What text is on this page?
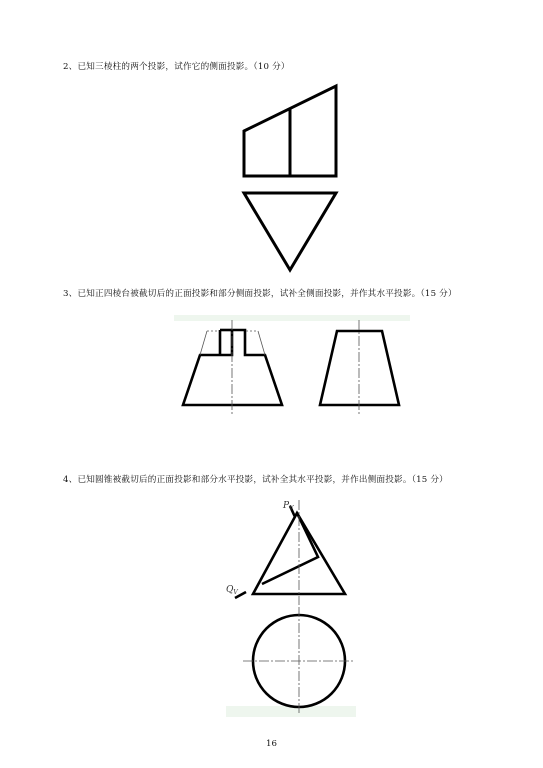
2、已知三棱柱的两个投影，试作它的侧面投影。（10 分）
3、已知正四棱台被截切后的正面投影和部分侧面投影，试补全侧面投影，并作其水平投影。（15 分）
4、已知圆锥被截切后的正面投影和部分水平投影，试补全其水平投影，并作出侧面投影。（15 分）
$P_V$
$Q_V$
16
